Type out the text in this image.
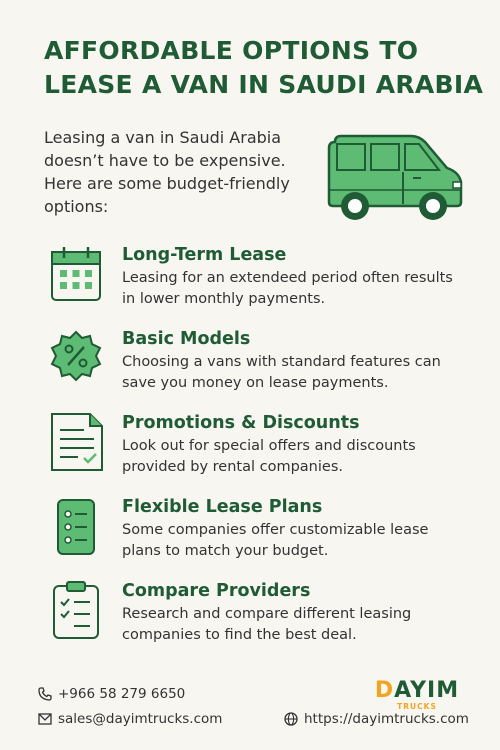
AFFORDABLE OPTIONS TO LEASE A VAN IN SAUDI ARABIA
Leasing a van in Saudi Arabia doesn’t have to be expensive. Here are some budget-friendly options:
Long-Term Lease
Leasing for an extendeed period often results in lower monthly payments.
Basic Models
Choosing a vans with standard features can save you money on lease payments.
Promotions & Discounts
Look out for special offers and discounts provided by rental companies.
Flexible Lease Plans
Some companies offer customizable lease plans to match your budget.
Compare Providers
Research and compare different leasing companies to find the best deal.
+966 58 279 6650
sales@dayimtrucks.com	https://dayimtrucks.com
DAYIM
TRUCKS
